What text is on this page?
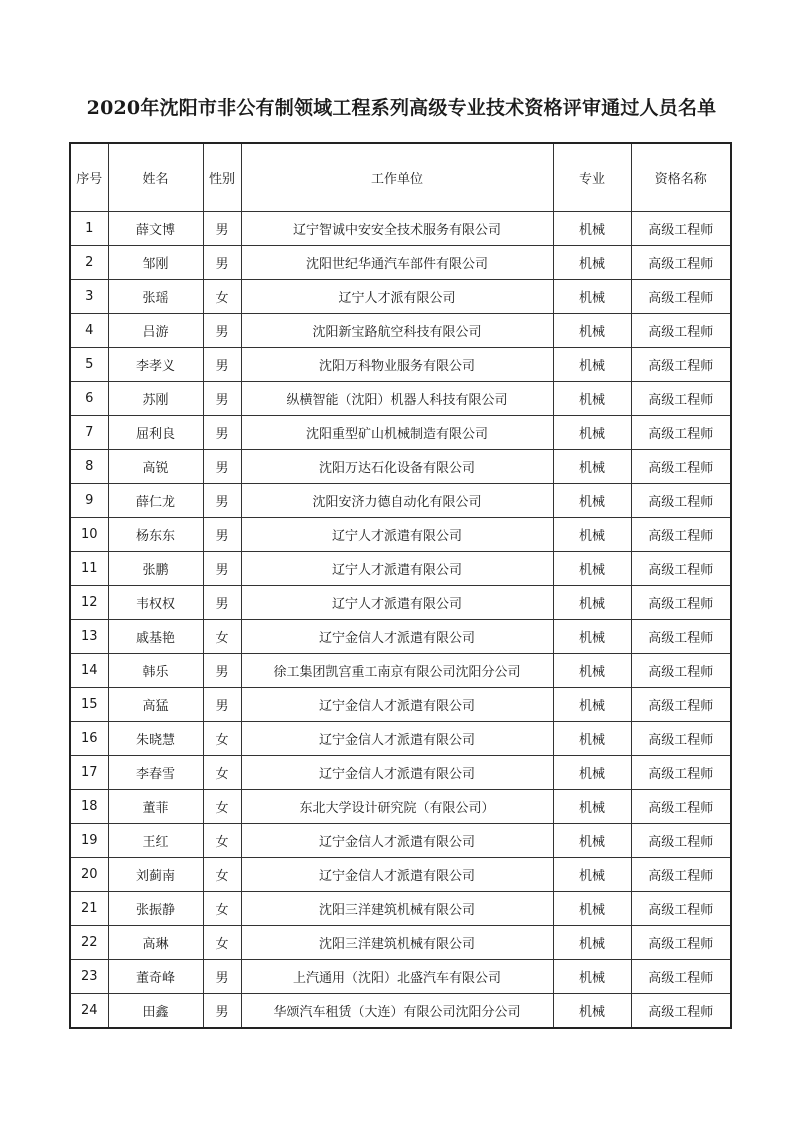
2020年沈阳市非公有制领域工程系列高级专业技术资格评审通过人员名单
序号	姓名	性别	工作单位	专业	资格名称
1	薛文博	男	辽宁智诚中安安全技术服务有限公司	机械	高级工程师
2	邹刚	男	沈阳世纪华通汽车部件有限公司	机械	高级工程师
3	张瑶	女	辽宁人才派有限公司	机械	高级工程师
4	吕游	男	沈阳新宝路航空科技有限公司	机械	高级工程师
5	李孝义	男	沈阳万科物业服务有限公司	机械	高级工程师
6	苏刚	男	纵横智能（沈阳）机器人科技有限公司	机械	高级工程师
7	屈利良	男	沈阳重型矿山机械制造有限公司	机械	高级工程师
8	高锐	男	沈阳万达石化设备有限公司	机械	高级工程师
9	薛仁龙	男	沈阳安济力德自动化有限公司	机械	高级工程师
10	杨东东	男	辽宁人才派遣有限公司	机械	高级工程师
11	张鹏	男	辽宁人才派遣有限公司	机械	高级工程师
12	韦权权	男	辽宁人才派遣有限公司	机械	高级工程师
13	戚基艳	女	辽宁金信人才派遣有限公司	机械	高级工程师
14	韩乐	男	徐工集团凯宫重工南京有限公司沈阳分公司	机械	高级工程师
15	高猛	男	辽宁金信人才派遣有限公司	机械	高级工程师
16	朱晓慧	女	辽宁金信人才派遣有限公司	机械	高级工程师
17	李春雪	女	辽宁金信人才派遣有限公司	机械	高级工程师
18	董菲	女	东北大学设计研究院（有限公司）	机械	高级工程师
19	王红	女	辽宁金信人才派遣有限公司	机械	高级工程师
20	刘蓟南	女	辽宁金信人才派遣有限公司	机械	高级工程师
21	张振静	女	沈阳三洋建筑机械有限公司	机械	高级工程师
22	高琳	女	沈阳三洋建筑机械有限公司	机械	高级工程师
23	董奇峰	男	上汽通用（沈阳）北盛汽车有限公司	机械	高级工程师
24	田鑫	男	华颂汽车租赁（大连）有限公司沈阳分公司	机械	高级工程师
